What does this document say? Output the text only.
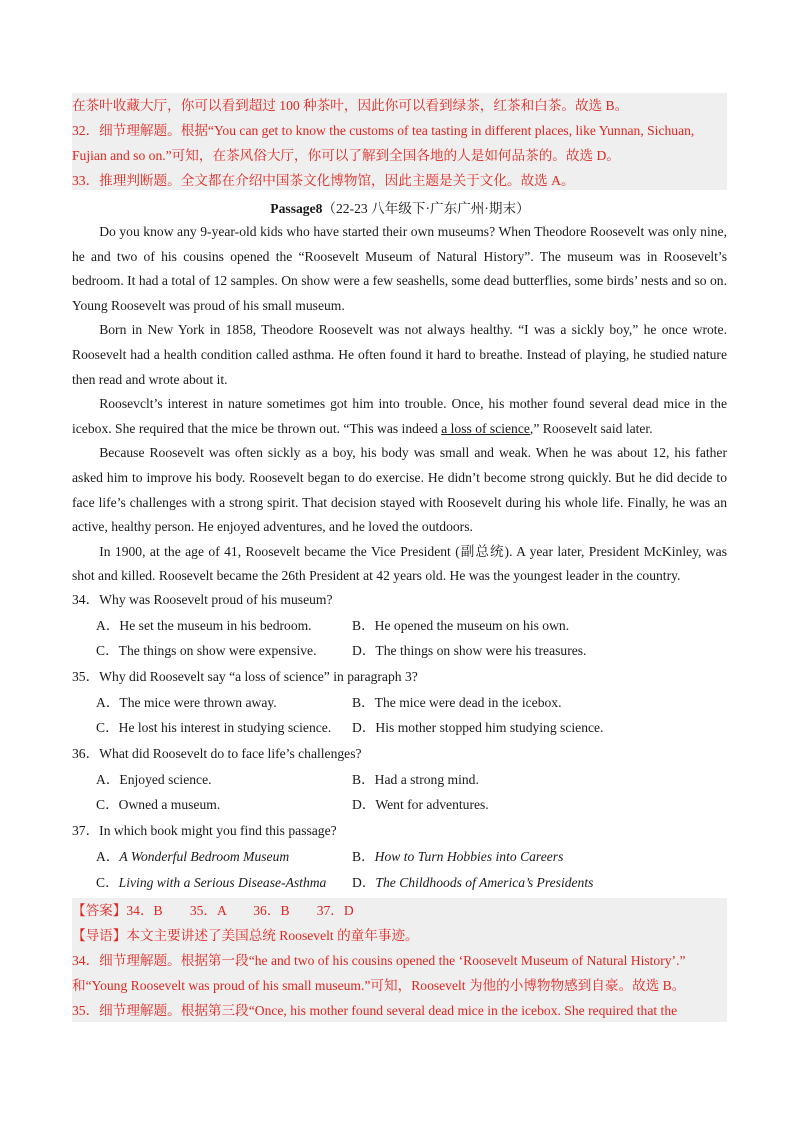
在茶叶收藏大厅，你可以看到超过 100 种茶叶，因此你可以看到绿茶，红茶和白茶。故选 B。
32．细节理解题。根据“You can get to know the customs of tea tasting in different places, like Yunnan, Sichuan,
Fujian and so on.”可知，在茶风俗大厅，你可以了解到全国各地的人是如何品茶的。故选 D。
33．推理判断题。全文都在介绍中国茶文化博物馆，因此主题是关于文化。故选 A。
Passage8（22-23 八年级下·广东广州·期末）

Do you know any 9-year-old kids who have started their own museums? When Theodore Roosevelt was only nine, he and two of his cousins opened the “Roosevelt Museum of Natural History”. The museum was in Roosevelt’s bedroom. It had a total of 12 samples. On show were a few seashells, some dead butterflies, some birds’ nests and so on. Young Roosevelt was proud of his small museum.

Born in New York in 1858, Theodore Roosevelt was not always healthy. “I was a sickly boy,” he once wrote. Roosevelt had a health condition called asthma. He often found it hard to breathe. Instead of playing, he studied nature then read and wrote about it.

Roosevclt’s interest in nature sometimes got him into trouble. Once, his mother found several dead mice in the icebox. She required that the mice be thrown out. “This was indeed a loss of science,” Roosevelt said later.

Because Roosevelt was often sickly as a boy, his body was small and weak. When he was about 12, his father asked him to improve his body. Roosevelt began to do exercise. He didn’t become strong quickly. But he did decide to face life’s challenges with a strong spirit. That decision stayed with Roosevelt during his whole life. Finally, he was an active, healthy person. He enjoyed adventures, and he loved the outdoors.

In 1900, at the age of 41, Roosevelt became the Vice President (副总统). A year later, President McKinley, was shot and killed. Roosevelt became the 26th President at 42 years old. He was the youngest leader in the country.

34．Why was Roosevelt proud of his museum?
A．He set the museum in his bedroom.	B．He opened the museum on his own.
C．The things on show were expensive.	D．The things on show were his treasures.
35．Why did Roosevelt say “a loss of science” in paragraph 3?
A．The mice were thrown away.	B．The mice were dead in the icebox.
C．He lost his interest in studying science. D．His mother stopped him studying science.
36．What did Roosevelt do to face life’s challenges?
A．Enjoyed science.	B．Had a strong mind.
C．Owned a museum.	D．Went for adventures.
37．In which book might you find this passage?
A．A Wonderful Bedroom Museum	B．How to Turn Hobbies into Careers
C．Living with a Serious Disease-Asthma D．The Childhoods of America’s Presidents
【答案】34．B　　35．A　　36．B　　37．D
【导语】本文主要讲述了美国总统 Roosevelt 的童年事迹。
34．细节理解题。根据第一段“he and two of his cousins opened the ‘Roosevelt Museum of Natural History’.”
和“Young Roosevelt was proud of his small museum.”可知，Roosevelt 为他的小博物物感到自豪。故选 B。
35．细节理解题。根据第三段“Once, his mother found several dead mice in the icebox. She required that the
